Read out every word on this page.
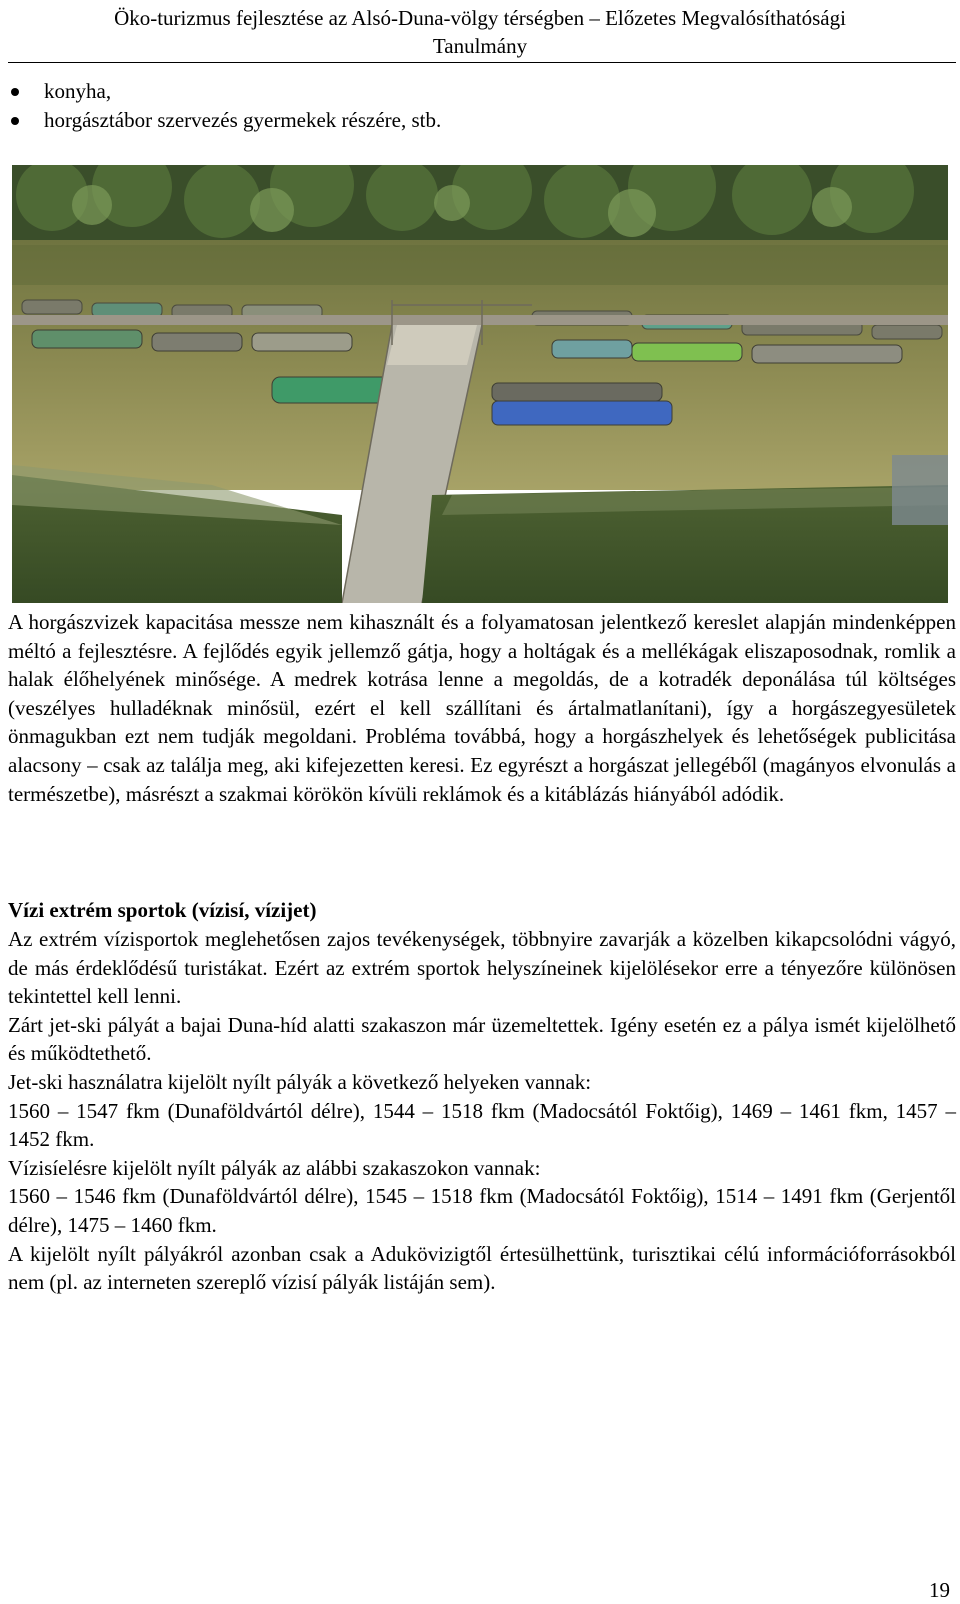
Öko-turizmus fejlesztése az Alsó-Duna-völgy térségben – Előzetes Megvalósíthatósági
Tanulmány
konyha,
horgásztábor szervezés gyermekek részére, stb.

A horgászvizek kapacitása messze nem kihasznált és a folyamatosan jelentkező kereslet alapján mindenképpen méltó a fejlesztésre. A fejlődés egyik jellemző gátja, hogy a holtágak és a mellékágak eliszaposodnak, romlik a halak élőhelyének minősége. A medrek kotrása lenne a megoldás, de a kotradék deponálása túl költséges (veszélyes hulladéknak minősül, ezért el kell szállítani és ártalmatlanítani), így a horgászegyesületek önmagukban ezt nem tudják megoldani. Probléma továbbá, hogy a horgászhelyek és lehetőségek publicitása alacsony – csak az találja meg, aki kifejezetten keresi. Ez egyrészt a horgászat jellegéből (magányos elvonulás a természetbe), másrészt a szakmai körökön kívüli reklámok és a kitáblázás hiányából adódik.

Vízi extrém sportok (vízisí, vízijet)
Az extrém vízisportok meglehetősen zajos tevékenységek, többnyire zavarják a közelben kikapcsolódni vágyó, de más érdeklődésű turistákat. Ezért az extrém sportok helyszíneinek kijelölésekor erre a tényezőre különösen tekintettel kell lenni.
Zárt jet-ski pályát a bajai Duna-híd alatti szakaszon már üzemeltettek. Igény esetén ez a pálya ismét kijelölhető és működtethető.
Jet-ski használatra kijelölt nyílt pályák a következő helyeken vannak:
1560 – 1547 fkm (Dunaföldvártól délre), 1544 – 1518 fkm (Madocsától Foktőig), 1469 – 1461 fkm, 1457 – 1452 fkm.
Vízisíelésre kijelölt nyílt pályák az alábbi szakaszokon vannak:
1560 – 1546 fkm (Dunaföldvártól délre), 1545 – 1518 fkm (Madocsától Foktőig), 1514 – 1491 fkm (Gerjentől délre), 1475 – 1460 fkm.
A kijelölt nyílt pályákról azonban csak a Adukövizigtől értesülhettünk, turisztikai célú információforrásokból nem (pl. az interneten szereplő vízisí pályák listáján sem).
19
